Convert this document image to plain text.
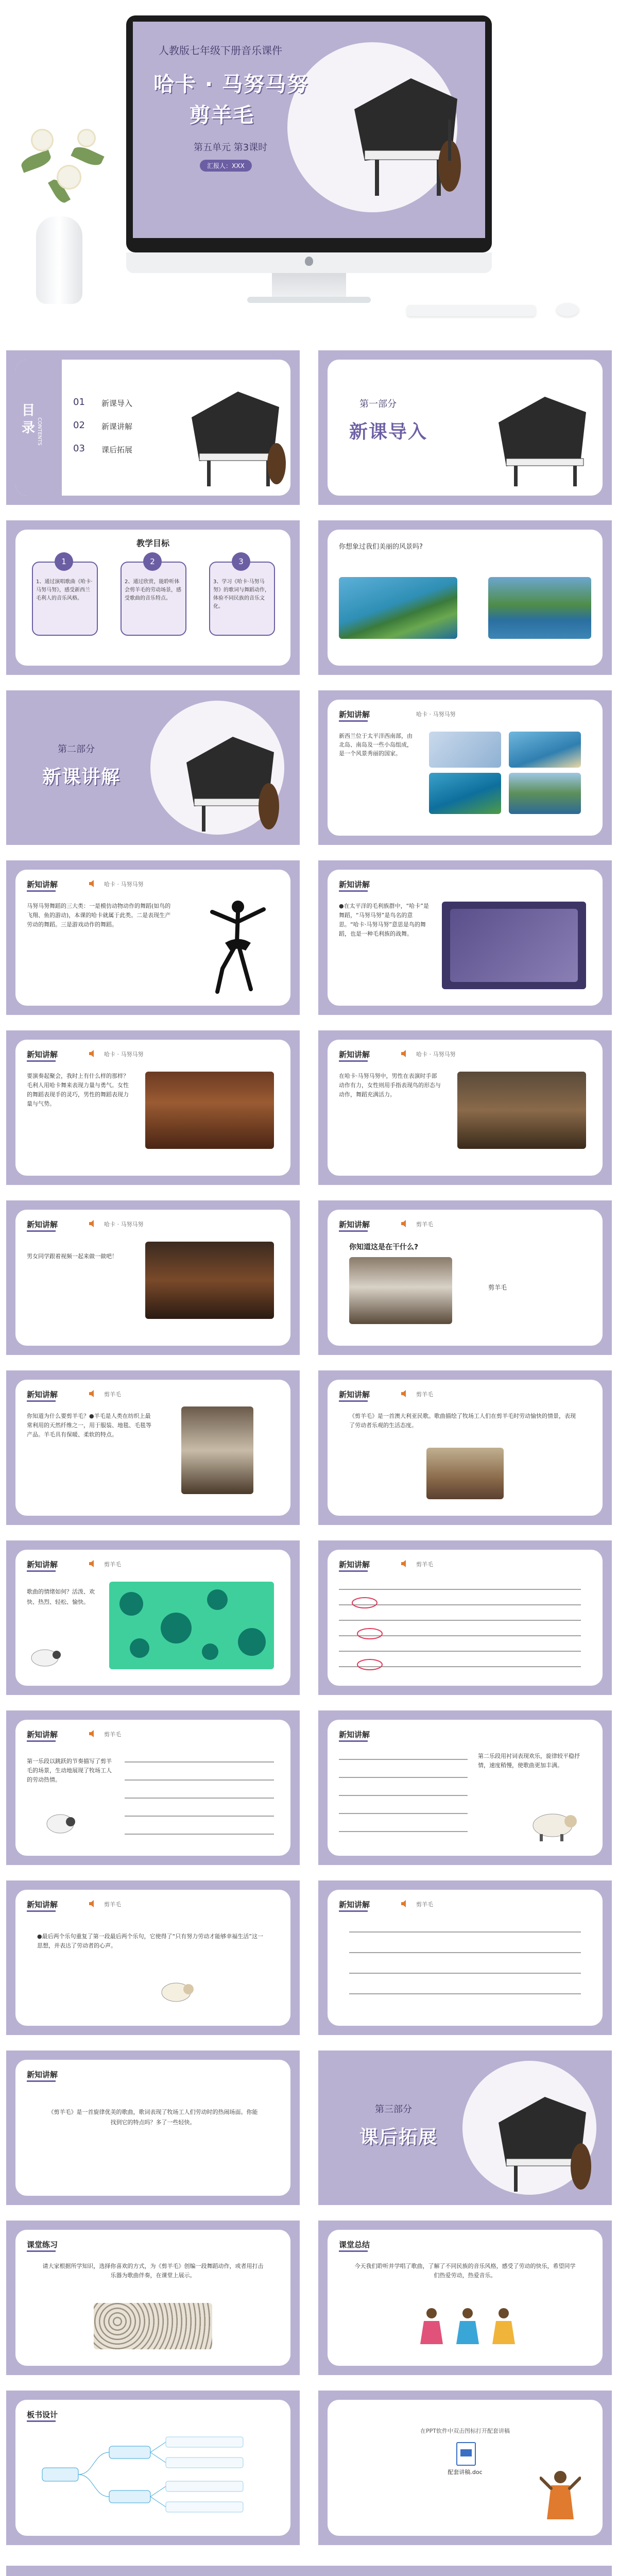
人教版七年级下册音乐课件
哈卡 · 马努马努
剪羊毛
第五单元 第3课时
汇报人：XXX
目录 CONTENTS
01 新课导入
02 新课讲解
03 课后拓展
第一部分
新课导入
教学目标
1
1、通过演唱歌曲《哈卡·马努马努》，感受新西兰毛利人的音乐风格。
2
2、通过欣赏，能聆听体会剪羊毛的劳动场景，感受歌曲的音乐特点。
3
3、学习《哈卡·马努马努》的歌词与舞蹈动作，体验不同民族的音乐文化。
你想象过我们美丽的风景吗?
第二部分
新课讲解
新知讲解	哈卡 · 马努马努
新西兰位于太平洋西南部，由北岛、南岛及一些小岛组成，是一个风景秀丽的国家。
新知讲解	哈卡 · 马努马努
马努马努舞蹈的三大类：一是模仿动物动作的舞蹈(如鸟的飞翔、鱼的游动)，本课的哈卡就属于此类。二是表现生产劳动的舞蹈。三是游戏动作的舞蹈。
新知讲解
●在太平洋的毛利族群中，“哈卡”是舞蹈，“马努马努”是鸟名的意思。“哈卡·马努马努”意思是鸟的舞蹈，也是一种毛利族的战舞。
新知讲解	哈卡 · 马努马努
要演奏起聚会，我时上有什么样的那样？毛利人用哈卡舞来表现力量与勇气。女性的舞蹈表现手的灵巧，男性的舞蹈表现力量与气势。
新知讲解	哈卡 · 马努马努
在哈卡·马努马努中，男性在表演时手部动作有力，女性则用手指表现鸟的形态与动作，舞蹈充满活力。
新知讲解	哈卡 · 马努马努
男女同学跟着视频一起来做一做吧！
新知讲解	剪羊毛
你知道这是在干什么?
剪羊毛
新知讲解	剪羊毛
你知道为什么要剪羊毛？●羊毛是人类在纺织上最常利用的天然纤维之一，用于服装、地毯、毛毯等产品。羊毛具有保暖、柔软的特点。
新知讲解	剪羊毛
《剪羊毛》是一首澳大利亚民歌。歌曲描绘了牧场工人们在剪羊毛时劳动愉快的情景，表现了劳动者乐观的生活态度。
新知讲解	剪羊毛
歌曲的情绪如何？活泼、欢快、热烈、轻松、愉快。
新知讲解	剪羊毛
新知讲解	剪羊毛
第一乐段以跳跃的节奏描写了剪羊毛的场景，生动地展现了牧场工人的劳动热情。
新知讲解
第二乐段用衬词表现欢乐，旋律较平稳抒情，速度稍慢，使歌曲更加丰满。
新知讲解	剪羊毛
●最后两个乐句重复了第一段最后两个乐句，它使得了“只有努力劳动才能够幸福生活”这一思想，并表达了劳动者的心声。
新知讲解	剪羊毛
新知讲解
《剪羊毛》是一首旋律优美的歌曲，歌词表现了牧场工人们劳动时的热闹场面。你能找到它的特点吗？多了一些轻快。
第三部分
课后拓展
课堂练习
请大家根据所学知识，选择你喜欢的方式，为《剪羊毛》创编一段舞蹈动作，或者用打击乐器为歌曲伴奏，在课堂上展示。
课堂总结
今天我们聆听并学唱了歌曲，了解了不同民族的音乐风格，感受了劳动的快乐，希望同学们热爱劳动，热爱音乐。
板书设计
在PPT软件中双击图标打开配套讲稿
配套讲稿.doc
